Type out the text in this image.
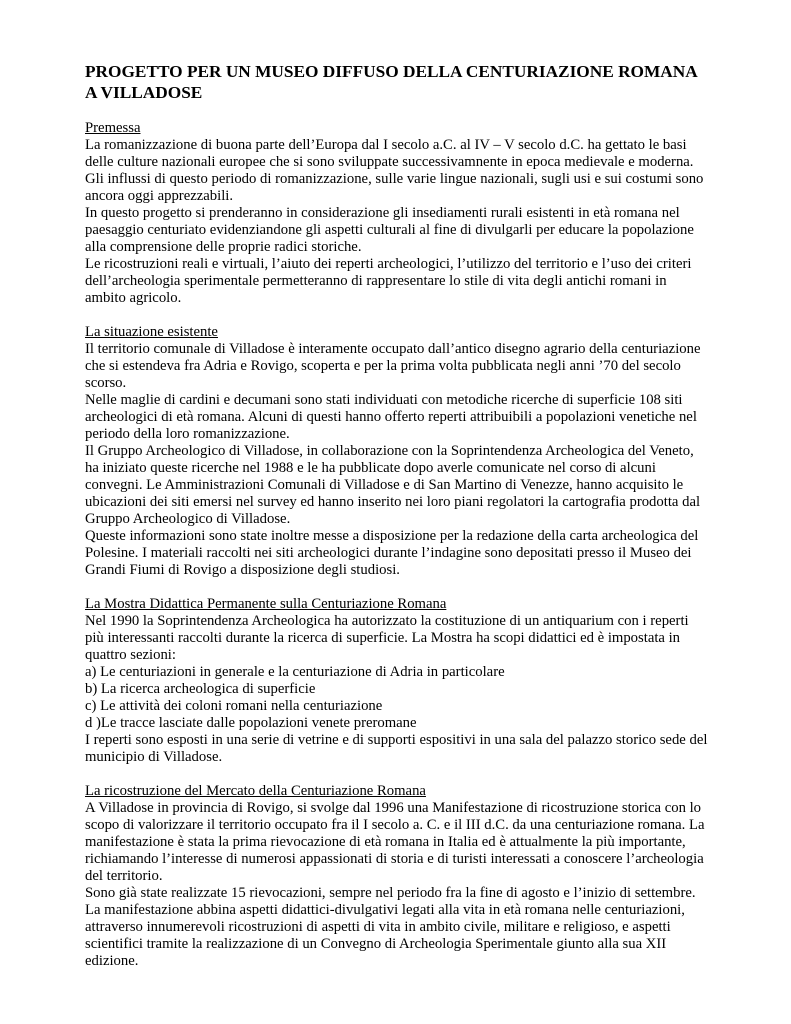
PROGETTO PER UN MUSEO DIFFUSO DELLA CENTURIAZIONE ROMANA A VILLADOSE
Premessa
La romanizzazione di buona parte dell’Europa dal I secolo a.C. al IV – V secolo d.C. ha gettato le basi delle culture nazionali europee che si sono sviluppate successivamnente in epoca medievale e moderna. Gli influssi di questo periodo di romanizzazione, sulle varie lingue nazionali, sugli usi e sui costumi sono ancora oggi apprezzabili.
In questo progetto si prenderanno in considerazione gli insediamenti rurali esistenti in età romana nel paesaggio centuriato evidenziandone gli aspetti culturali al fine di divulgarli per educare la popolazione alla comprensione delle proprie radici storiche.
Le ricostruzioni reali e virtuali, l’aiuto dei reperti archeologici, l’utilizzo del territorio e l’uso dei criteri dell’archeologia sperimentale permetteranno di rappresentare lo stile di vita degli antichi romani in ambito agricolo.
La situazione esistente
Il territorio comunale di Villadose è interamente occupato dall’antico disegno agrario della centuriazione che si estendeva fra Adria e Rovigo, scoperta e per la prima volta pubblicata negli anni ’70 del secolo scorso.
Nelle maglie di cardini e decumani sono stati individuati con metodiche ricerche di superficie 108 siti archeologici di età romana. Alcuni di questi hanno offerto reperti attribuibili a popolazioni venetiche nel periodo della loro romanizzazione.
Il Gruppo Archeologico di Villadose, in collaborazione con la Soprintendenza Archeologica del Veneto, ha iniziato queste ricerche nel 1988 e le ha pubblicate dopo averle comunicate nel corso di alcuni convegni. Le Amministrazioni Comunali di Villadose e di San Martino di Venezze, hanno acquisito le ubicazioni dei siti emersi nel survey ed hanno inserito nei loro piani regolatori la cartografia prodotta dal Gruppo Archeologico di Villadose.
Queste informazioni sono state inoltre messe a disposizione per la redazione della carta archeologica del Polesine. I materiali raccolti nei siti archeologici durante l’indagine sono depositati presso il Museo dei Grandi Fiumi di Rovigo a disposizione degli studiosi.
La Mostra Didattica Permanente sulla Centuriazione Romana
Nel 1990 la Soprintendenza Archeologica ha autorizzato la costituzione di un antiquarium con i reperti più interessanti raccolti durante la ricerca di superficie. La Mostra ha scopi didattici ed è impostata in quattro sezioni:
a) Le centuriazioni in generale e la centuriazione di Adria in particolare
b) La ricerca archeologica di superficie
c) Le attività dei coloni romani nella centuriazione
d )Le tracce lasciate dalle popolazioni venete preromane
I reperti sono esposti in una serie di vetrine e di supporti espositivi in una sala del palazzo storico sede del municipio di Villadose.
La ricostruzione del Mercato della Centuriazione Romana
A Villadose in provincia di Rovigo, si svolge dal 1996 una Manifestazione di ricostruzione storica con lo scopo di valorizzare il territorio occupato fra il I secolo a. C. e il III d.C. da una centuriazione romana. La manifestazione è stata la prima rievocazione di età romana in Italia ed è attualmente la più importante, richiamando l’interesse di numerosi appassionati di storia e di turisti interessati a conoscere l’archeologia del territorio.
Sono già state realizzate 15 rievocazioni, sempre nel periodo fra la fine di agosto e l’inizio di settembre.
La manifestazione abbina aspetti didattici-divulgativi legati alla vita in età romana nelle centuriazioni, attraverso innumerevoli ricostruzioni di aspetti di vita in ambito civile, militare e religioso, e aspetti scientifici tramite la realizzazione di un Convegno di Archeologia Sperimentale giunto alla sua XII edizione.
